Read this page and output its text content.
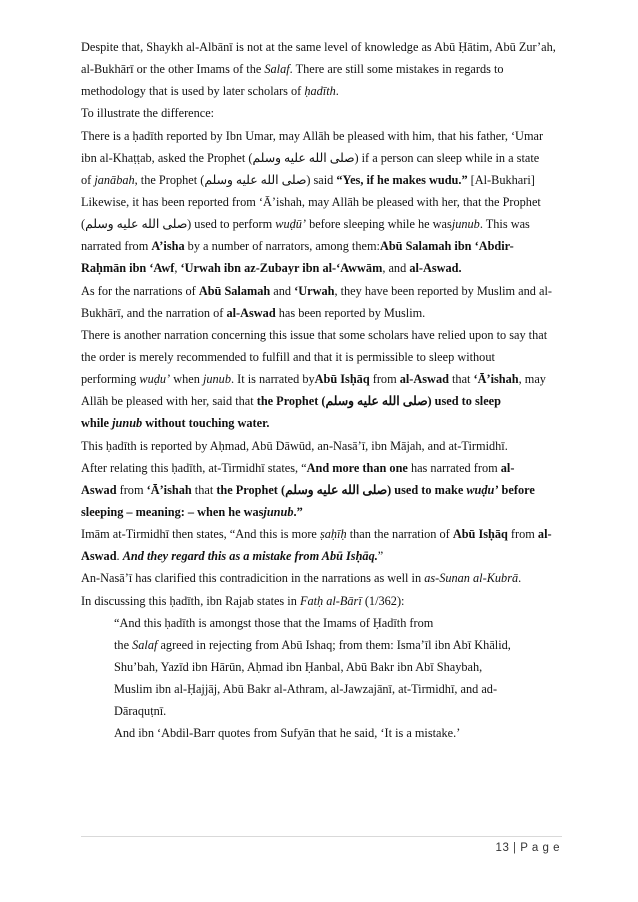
Despite that, Shaykh al-Albānī is not at the same level of knowledge as Abū Ḥātim, Abū Zur’ah,
al-Bukhārī or the other Imams of the Salaf. There are still some mistakes in regards to
methodology that is used by later scholars of ḥadīth.
To illustrate the difference:
There is a ḥadīth reported by Ibn Umar, may Allāh be pleased with him, that his father, ‘Umar
ibn al-Khaṭṭab, asked the Prophet (صلى الله عليه وسلم) if a person can sleep while in a state
of janābah, the Prophet (صلى الله عليه وسلم) said “Yes, if he makes wudu.” [Al-Bukhari]
Likewise, it has been reported from ‘Ā’ishah, may Allāh be pleased with her, that the Prophet
(صلى الله عليه وسلم) used to perform wuḍū’ before sleeping while he wasjunub. This was
narrated from A’isha by a number of narrators, among them:Abū Salamah ibn ‘Abdir-
Raḥmān ibn ‘Awf, ‘Urwah ibn az-Zubayr ibn al-‘Awwām, and al-Aswad.
As for the narrations of Abū Salamah and ‘Urwah, they have been reported by Muslim and al-
Bukhārī, and the narration of al-Aswad has been reported by Muslim.
There is another narration concerning this issue that some scholars have relied upon to say that
the order is merely recommended to fulfill and that it is permissible to sleep without
performing wuḍu’ when junub. It is narrated byAbū Isḥāq from al-Aswad that ‘Ā’ishah, may
Allāh be pleased with her, said that the Prophet (صلى الله عليه وسلم) used to sleep
while junub without touching water.
This ḥadīth is reported by Aḥmad, Abū Dāwūd, an-Nasā’ī, ibn Mājah, and at-Tirmidhī.
After relating this ḥadīth, at-Tirmidhī states, “And more than one has narrated from al-
Aswad from ‘Ā’ishah that the Prophet (صلى الله عليه وسلم) used to make wuḍu’ before
sleeping – meaning: – when he wasjunub.”
Imām at-Tirmidhī then states, “And this is more ṣaḥīḥ than the narration of Abū Isḥāq from al-
Aswad. And they regard this as a mistake from Abū Isḥāq.”
An-Nasā’ī has clarified this contradicition in the narrations as well in as-Sunan al-Kubrā.
In discussing this ḥadīth, ibn Rajab states in Fatḥ al-Bārī (1/362):
“And this ḥadīth is amongst those that the Imams of Ḥadīth from
the Salaf agreed in rejecting from Abū Ishaq; from them: Isma’īl ibn Abī Khālid,
Shu’bah, Yazīd ibn Hārūn, Aḥmad ibn Ḥanbal, Abū Bakr ibn Abī Shaybah,
Muslim ibn al-Ḥajjāj, Abū Bakr al-Athram, al-Jawzajānī, at-Tirmidhī, and ad-
Dāraquṭnī.
And ibn ‘Abdil-Barr quotes from Sufyān that he said, ‘It is a mistake.’
13 | P a g e
